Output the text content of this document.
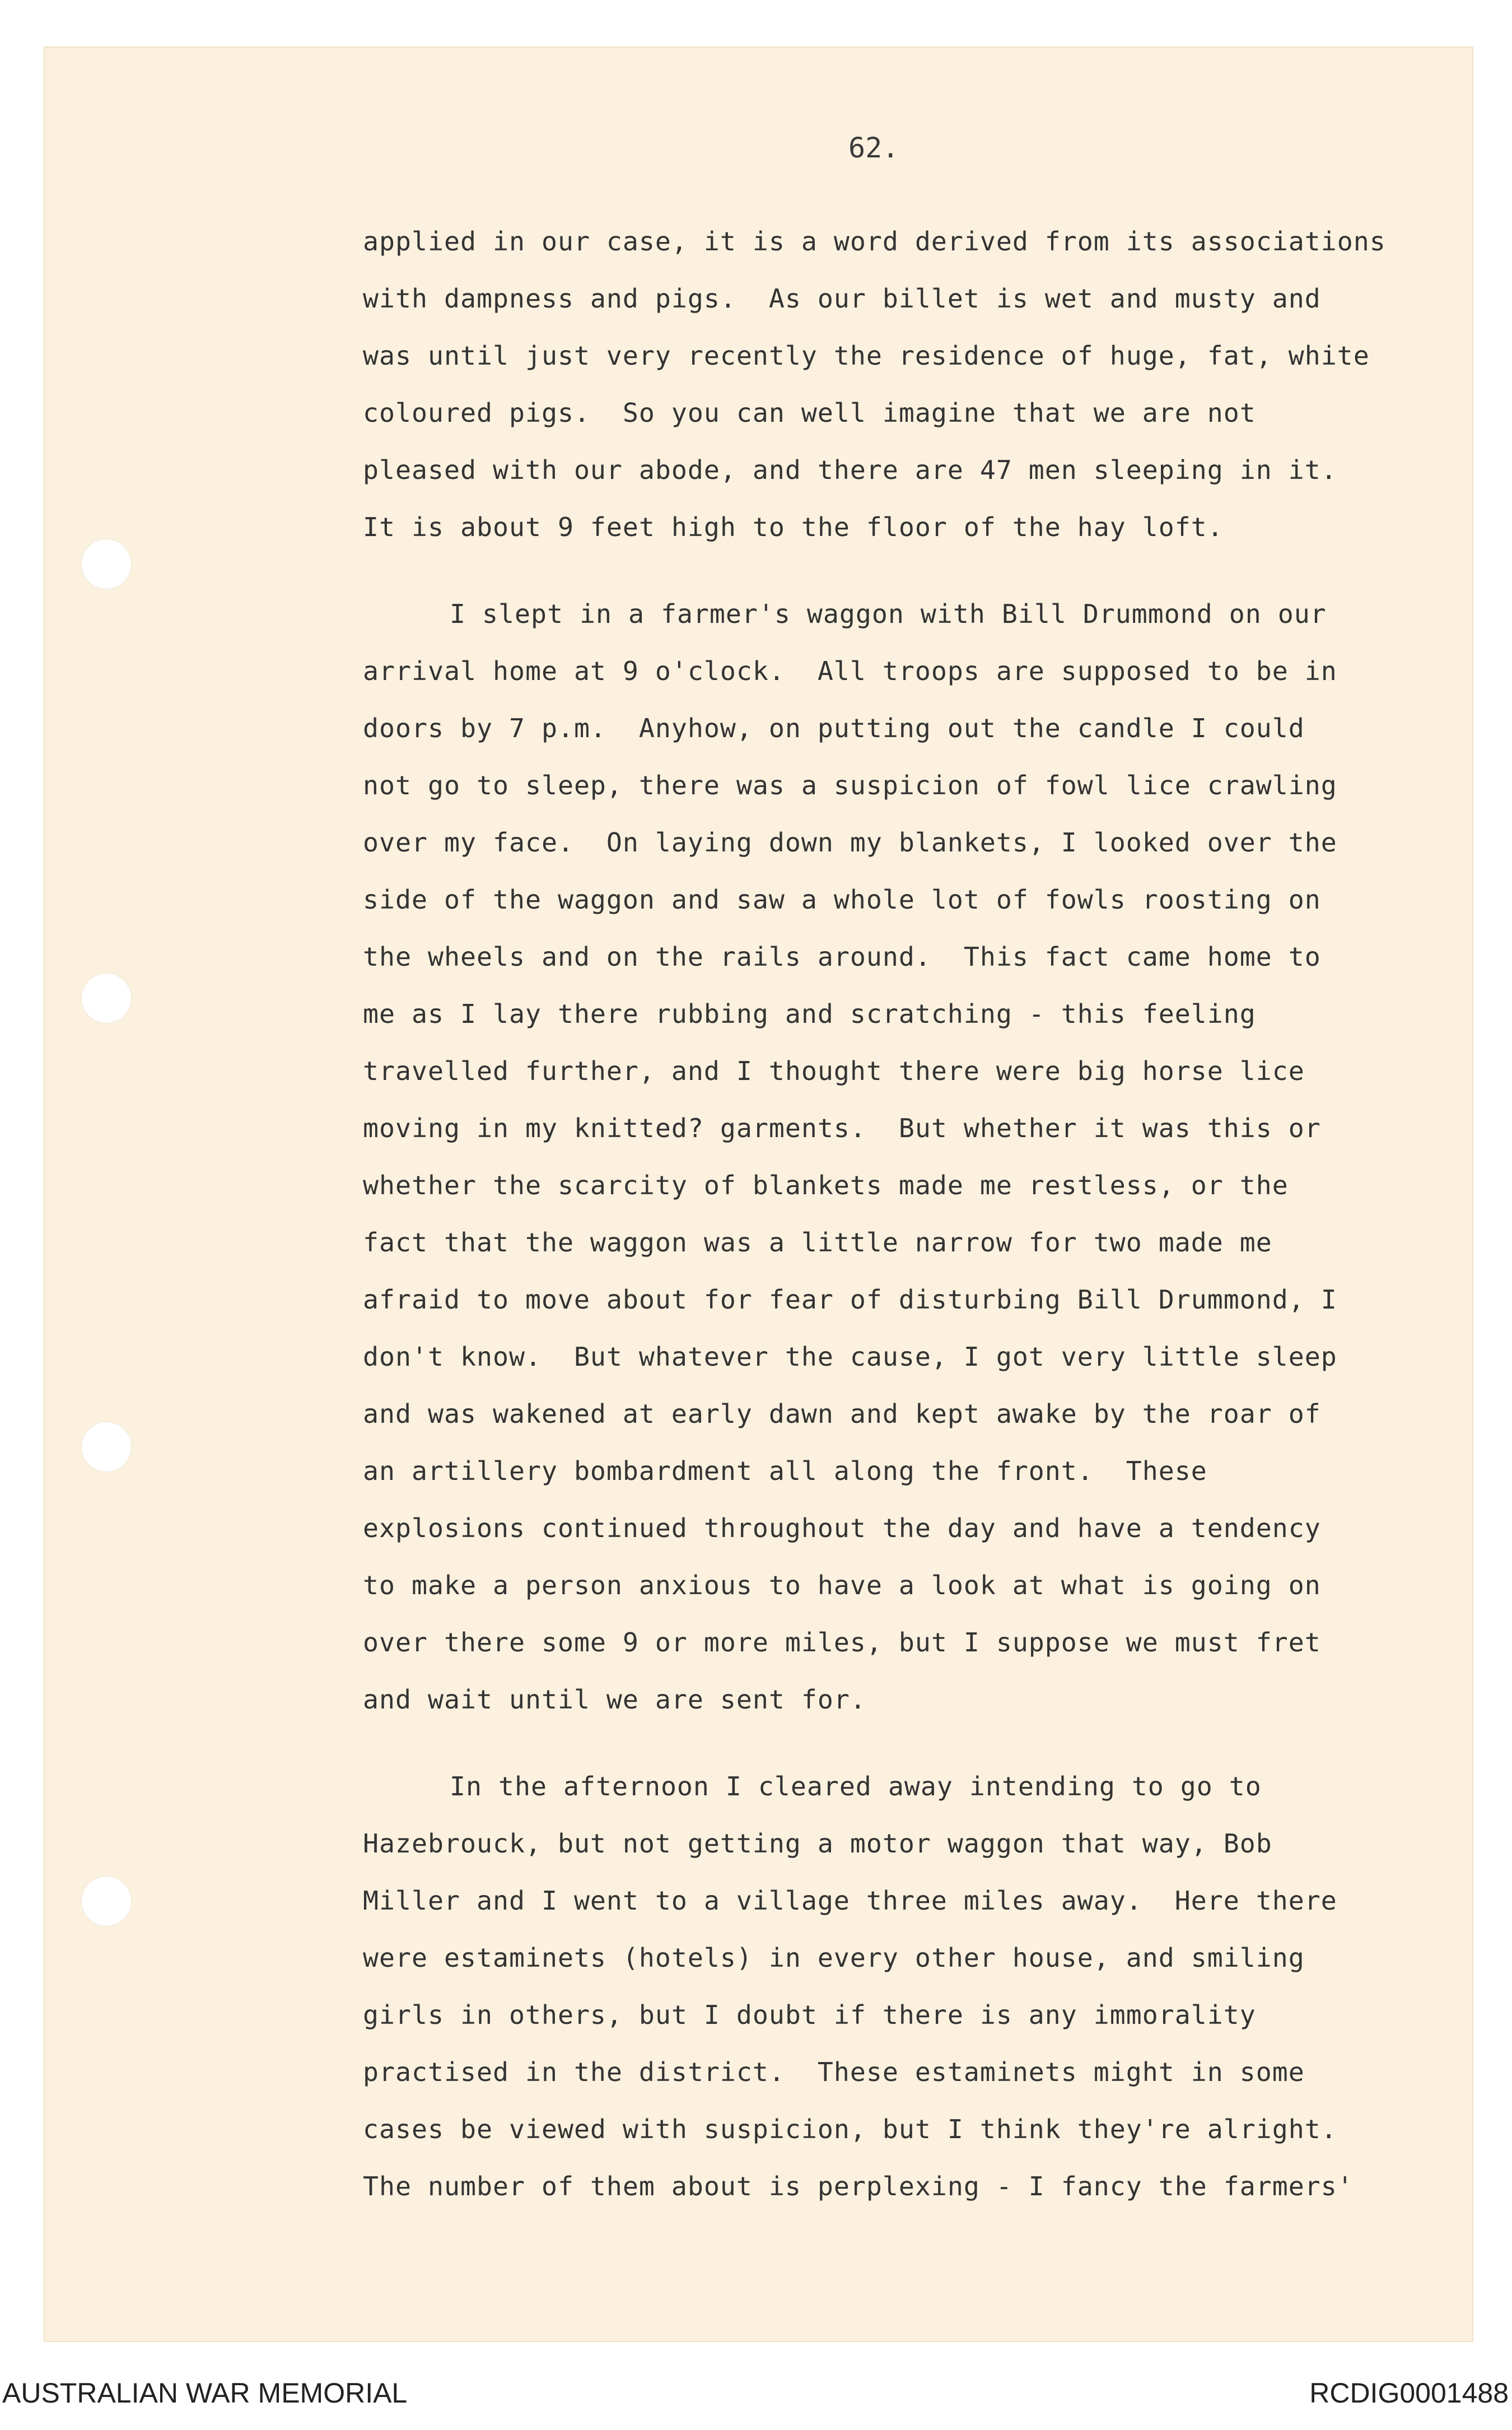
62.
applied in our case, it is a word derived from its associations
with dampness and pigs.  As our billet is wet and musty and
was until just very recently the residence of huge, fat, white
coloured pigs.  So you can well imagine that we are not
pleased with our abode, and there are 47 men sleeping in it.
It is about 9 feet high to the floor of the hay loft.
I slept in a farmer's waggon with Bill Drummond on our
arrival home at 9 o'clock.  All troops are supposed to be in
doors by 7 p.m.  Anyhow, on putting out the candle I could
not go to sleep, there was a suspicion of fowl lice crawling
over my face.  On laying down my blankets, I looked over the
side of the waggon and saw a whole lot of fowls roosting on
the wheels and on the rails around.  This fact came home to
me as I lay there rubbing and scratching - this feeling
travelled further, and I thought there were big horse lice
moving in my knitted? garments.  But whether it was this or
whether the scarcity of blankets made me restless, or the
fact that the waggon was a little narrow for two made me
afraid to move about for fear of disturbing Bill Drummond, I
don't know.  But whatever the cause, I got very little sleep
and was wakened at early dawn and kept awake by the roar of
an artillery bombardment all along the front.  These
explosions continued throughout the day and have a tendency
to make a person anxious to have a look at what is going on
over there some 9 or more miles, but I suppose we must fret
and wait until we are sent for.
In the afternoon I cleared away intending to go to
Hazebrouck, but not getting a motor waggon that way, Bob
Miller and I went to a village three miles away.  Here there
were estaminets (hotels) in every other house, and smiling
girls in others, but I doubt if there is any immorality
practised in the district.  These estaminets might in some
cases be viewed with suspicion, but I think they're alright.
The number of them about is perplexing - I fancy the farmers'
AUSTRALIAN WAR MEMORIAL	RCDIG0001488
